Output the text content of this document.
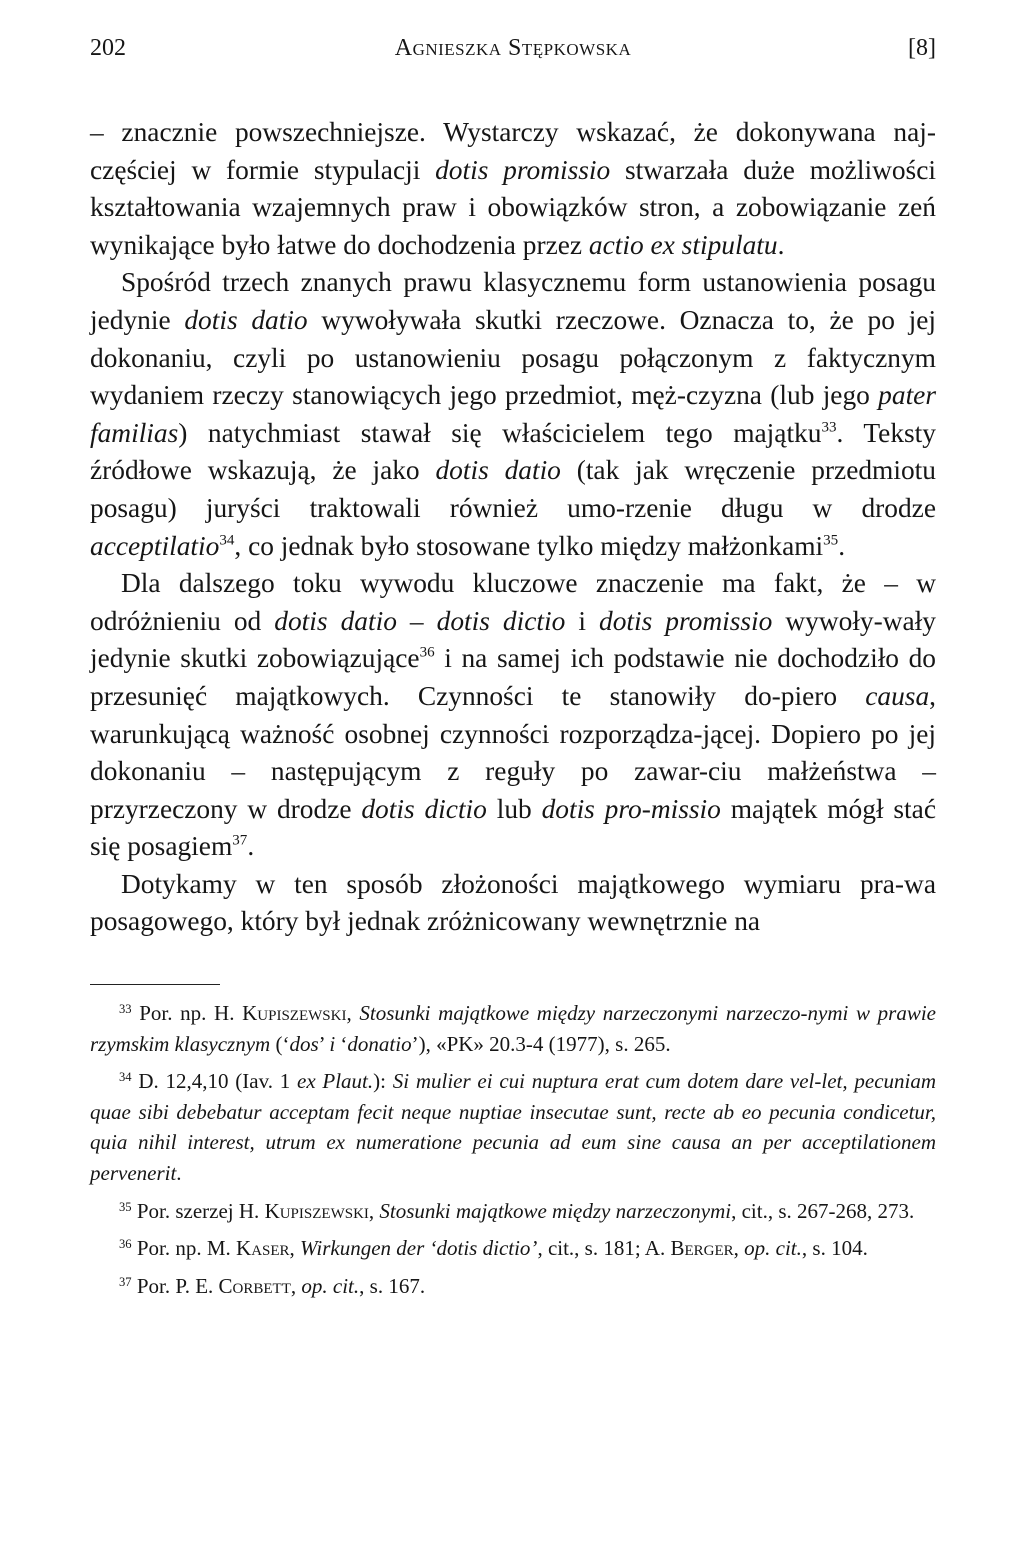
202	Agnieszka Stępkowska	[8]

– znacznie powszechniejsze. Wystarczy wskazać, że dokonywana naj-częściej w formie stypulacji dotis promissio stwarzała duże możliwości kształtowania wzajemnych praw i obowiązków stron, a zobowiązanie zeń wynikające było łatwe do dochodzenia przez actio ex stipulatu.

Spośród trzech znanych prawu klasycznemu form ustanowienia posagu jedynie dotis datio wywoływała skutki rzeczowe. Oznacza to, że po jej dokonaniu, czyli po ustanowieniu posagu połączonym z faktycznym wydaniem rzeczy stanowiących jego przedmiot, męż-czyzna (lub jego pater familias) natychmiast stawał się właścicielem tego majątku$^{33}$. Teksty źródłowe wskazują, że jako dotis datio (tak jak wręczenie przedmiotu posagu) juryści traktowali również umo-rzenie długu w drodze acceptilatio$^{34}$, co jednak było stosowane tylko między małżonkami$^{35}$.

Dla dalszego toku wywodu kluczowe znaczenie ma fakt, że – w odróżnieniu od dotis datio – dotis dictio i dotis promissio wywoły-wały jedynie skutki zobowiązujące$^{36}$ i na samej ich podstawie nie dochodziło do przesunięć majątkowych. Czynności te stanowiły do-piero causa, warunkującą ważność osobnej czynności rozporządza-jącej. Dopiero po jej dokonaniu – następującym z reguły po zawar-ciu małżeństwa – przyrzeczony w drodze dotis dictio lub dotis pro-missio majątek mógł stać się posagiem$^{37}$.

Dotykamy w ten sposób złożoności majątkowego wymiaru pra-wa posagowego, który był jednak zróżnicowany wewnętrznie na

$^{33}$ Por. np. H. Kupiszewski, Stosunki majątkowe między narzeczonymi narzeczo-nymi w prawie rzymskim klasycznym (‘dos’ i ‘donatio’), «PK» 20.3-4 (1977), s. 265.

$^{34}$ D. 12,4,10 (Iav. 1 ex Plaut.): Si mulier ei cui nuptura erat cum dotem dare vel-let, pecuniam quae sibi debebatur acceptam fecit neque nuptiae insecutae sunt, recte ab eo pecunia condicetur, quia nihil interest, utrum ex numeratione pecunia ad eum sine causa an per acceptilationem pervenerit.

$^{35}$ Por. szerzej H. Kupiszewski, Stosunki majątkowe między narzeczonymi, cit., s. 267-268, 273.

$^{36}$ Por. np. M. Kaser, Wirkungen der ‘dotis dictio’, cit., s. 181; A. Berger, op. cit., s. 104.

$^{37}$ Por. P. E. Corbett, op. cit., s. 167.
